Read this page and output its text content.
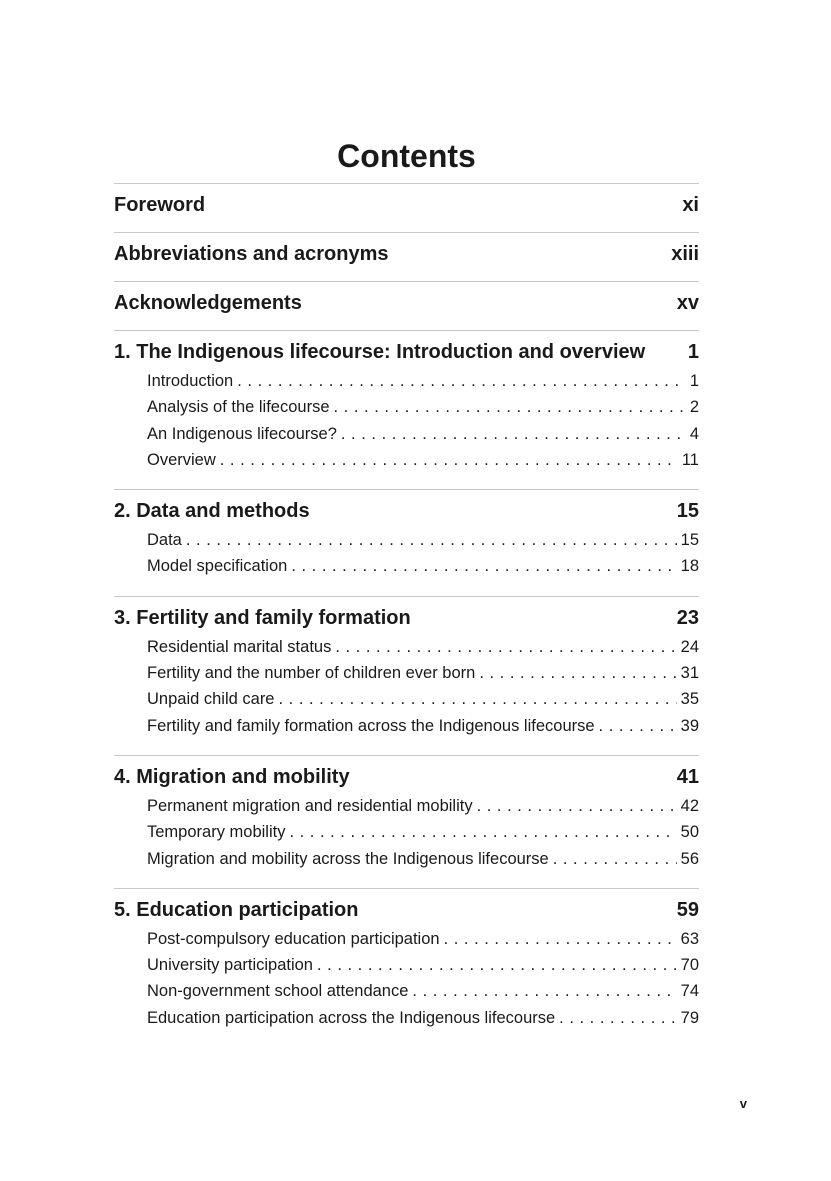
Contents
Foreword	xi
Abbreviations and acronyms	xiii
Acknowledgements	xv
1. The Indigenous lifecourse: Introduction and overview	1
Introduction . . .	1
Analysis of the lifecourse . . .	2
An Indigenous lifecourse? . . .	4
Overview . . .	11
2. Data and methods	15
Data . . .	15
Model specification . . .	18
3. Fertility and family formation	23
Residential marital status . . .	24
Fertility and the number of children ever born . . .	31
Unpaid child care . . .	35
Fertility and family formation across the Indigenous lifecourse . . .	39
4. Migration and mobility	41
Permanent migration and residential mobility . . .	42
Temporary mobility . . .	50
Migration and mobility across the Indigenous lifecourse . . .	56
5. Education participation	59
Post-compulsory education participation . . .	63
University participation . . .	70
Non-government school attendance . . .	74
Education participation across the Indigenous lifecourse . . .	79
v
